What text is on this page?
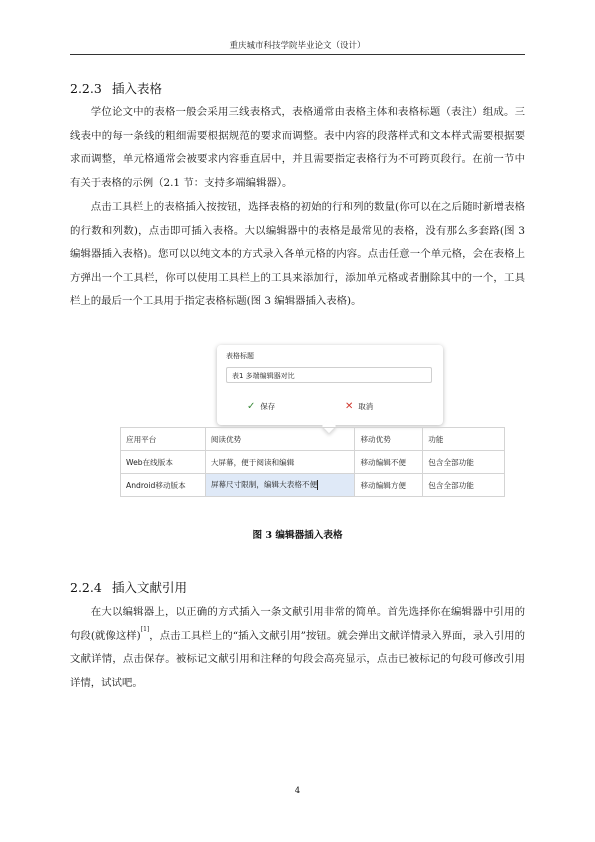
重庆城市科技学院毕业论文（设计）
2.2.3 插入表格

学位论文中的表格一般会采用三线表格式，表格通常由表格主体和表格标题（表注）组成。三线表中的每一条线的粗细需要根据规范的要求而调整。表中内容的段落样式和文本样式需要根据要求而调整，单元格通常会被要求内容垂直居中，并且需要指定表格行为不可跨页段行。在前一节中有关于表格的示例（2.1 节：支持多端编辑器）。

点击工具栏上的表格插入按按钮，选择表格的初始的行和列的数量(你可以在之后随时新增表格的行数和列数)，点击即可插入表格。大以编辑器中的表格是最常见的表格，没有那么多套路(图 3 编辑器插入表格)。您可以以纯文本的方式录入各单元格的内容。点击任意一个单元格，会在表格上方弹出一个工具栏，你可以使用工具栏上的工具来添加行，添加单元格或者删除其中的一个，工具栏上的最后一个工具用于指定表格标题(图 3 编辑器插入表格)。

表格标题
表1 多端编辑器对比
✓ 保存	✕ 取消
应用平台	阅读优势	移动优势	功能
Web在线版本	大屏幕，便于阅读和编辑	移动编辑不便	包含全部功能
Android移动版本	屏幕尺寸限制，编辑大表格不便	移动编辑方便	包含全部功能
图 3 编辑器插入表格
2.2.4 插入文献引用

在大以编辑器上，以正确的方式插入一条文献引用非常的简单。首先选择你在编辑器中引用的句段(就像这样)[1]，点击工具栏上的“插入文献引用”按钮。就会弹出文献详情录入界面，录入引用的文献详情，点击保存。被标记文献引用和注释的句段会高亮显示，点击已被标记的句段可修改引用详情，试试吧。

4
